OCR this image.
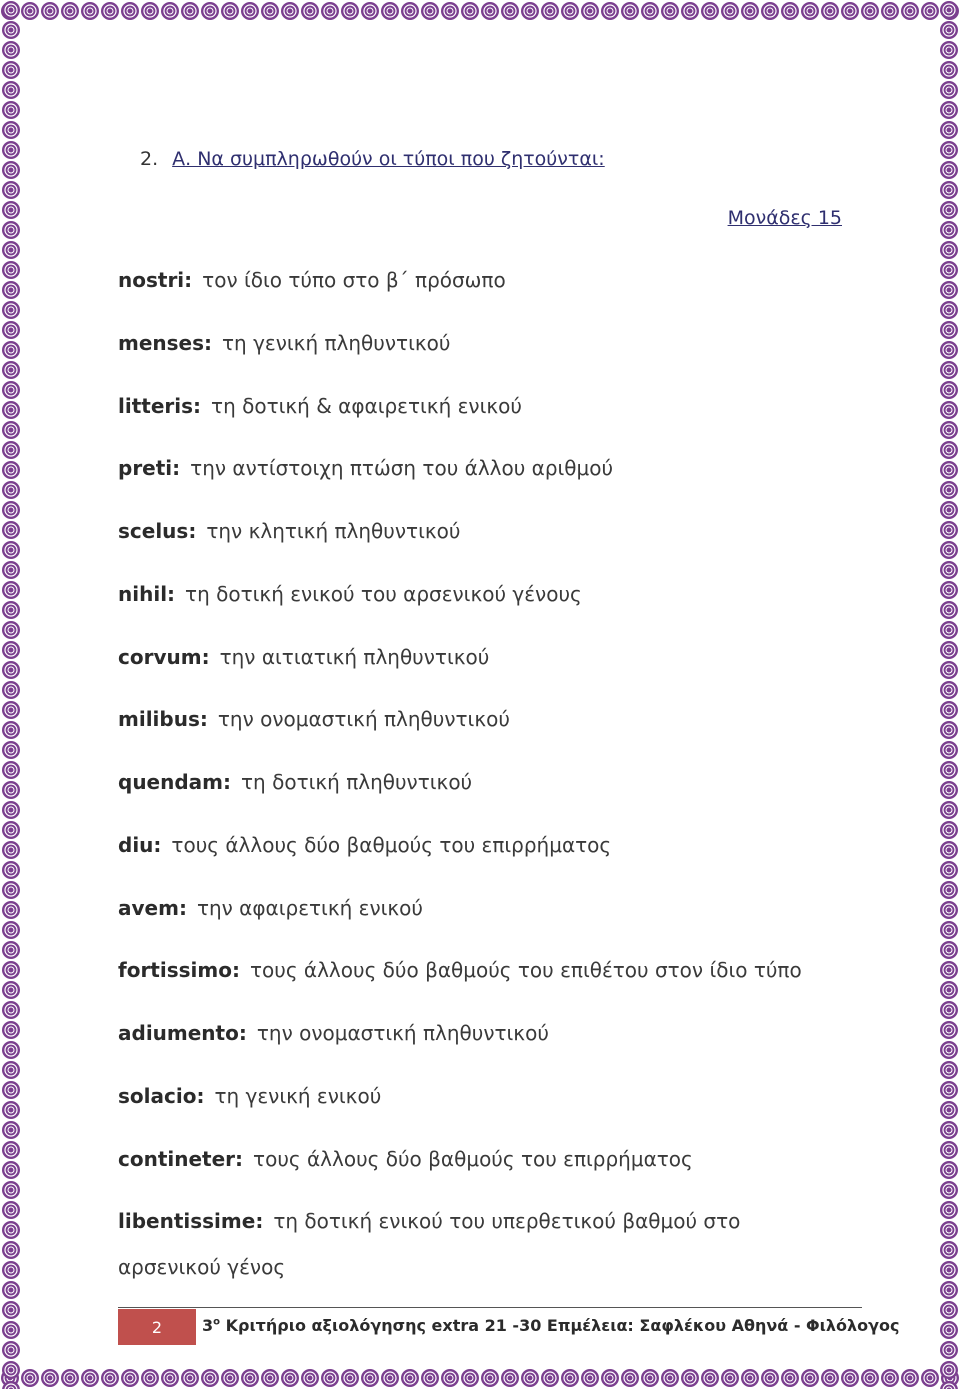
2. Α. Να συμπληρωθούν οι τύποι που ζητούνται:
Μονάδες 15
nostri: τον ίδιο τύπο στο β΄ πρόσωπο
menses: τη γενική πληθυντικού
litteris: τη δοτική & αφαιρετική ενικού
preti: την αντίστοιχη πτώση του άλλου αριθμού
scelus: την κλητική πληθυντικού
nihil: τη δοτική ενικού του αρσενικού γένους
corvum: την αιτιατική πληθυντικού
milibus: την ονομαστική πληθυντικού
quendam: τη δοτική πληθυντικού
diu: τους άλλους δύο βαθμούς του επιρρήματος
avem: την αφαιρετική ενικού
fortissimo: τους άλλους δύο βαθμούς του επιθέτου στον ίδιο τύπο
adiumento: την ονομαστική πληθυντικού
solacio: τη γενική ενικού
contineter: τους άλλους δύο βαθμούς του επιρρήματος
libentissime: τη δοτική ενικού του υπερθετικού βαθμού στο
αρσενικού γένος
2	$3^o$ Κριτήριο αξιολόγησης extra 21 -30 Επμέλεια: Σαφλέκου Αθηνά - Φιλόλογος
